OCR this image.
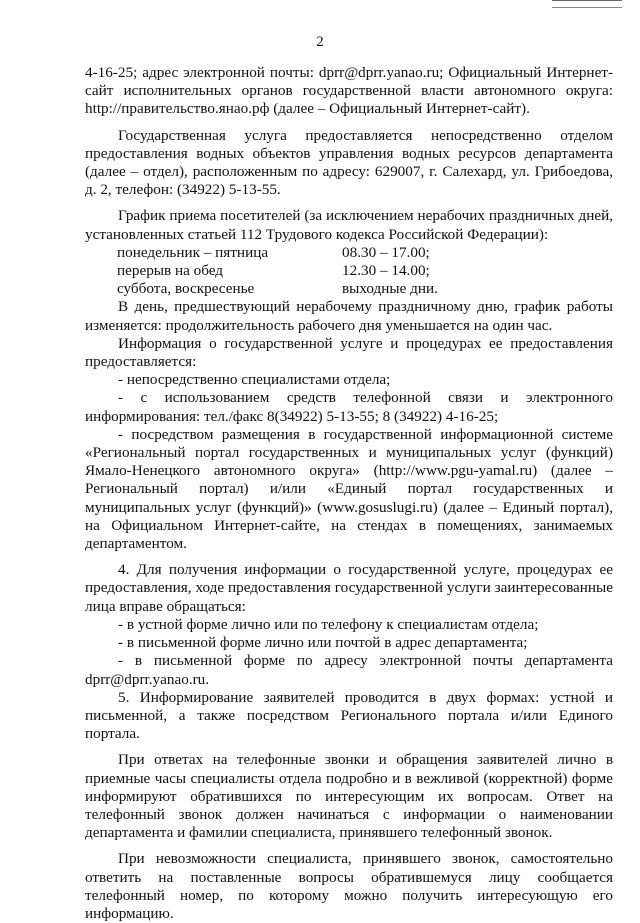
2

4-16-25; адрес электронной почты: dprr@dprr.yanao.ru; Официальный Интернет-сайт исполнительных органов государственной власти автономного округа: http://правительство.янао.рф (далее – Официальный Интернет-сайт).

Государственная услуга предоставляется непосредственно отделом предоставления водных объектов управления водных ресурсов департамента (далее – отдел), расположенным по адресу: 629007, г. Салехард, ул. Грибоедова, д. 2, телефон: (34922) 5-13-55.

График приема посетителей (за исключением нерабочих праздничных дней, установленных статьей 112 Трудового кодекса Российской Федерации):

понедельник – пятница	08.30 – 17.00;
перерыв на обед	12.30 – 14.00;
суббота, воскресенье	выходные дни.

В день, предшествующий нерабочему праздничному дню, график работы изменяется: продолжительность рабочего дня уменьшается на один час.

Информация о государственной услуге и процедурах ее предоставления предоставляется:

- непосредственно специалистами отдела;

- с использованием средств телефонной связи и электронного информирования: тел./факс 8(34922) 5-13-55; 8 (34922) 4-16-25;

- посредством размещения в государственной информационной системе «Региональный портал государственных и муниципальных услуг (функций) Ямало-Ненецкого автономного округа» (http://www.pgu-yamal.ru) (далее – Региональный портал) и/или «Единый портал государственных и муниципальных услуг (функций)» (www.gosuslugi.ru) (далее – Единый портал), на Официальном Интернет-сайте, на стендах в помещениях, занимаемых департаментом.

4. Для получения информации о государственной услуге, процедурах ее предоставления, ходе предоставления государственной услуги заинтересованные лица вправе обращаться:

- в устной форме лично или по телефону к специалистам отдела;

- в письменной форме лично или почтой в адрес департамента;

- в письменной форме по адресу электронной почты департамента dprr@dprr.yanao.ru.

5. Информирование заявителей проводится в двух формах: устной и письменной, а также посредством Регионального портала и/или Единого портала.

При ответах на телефонные звонки и обращения заявителей лично в приемные часы специалисты отдела подробно и в вежливой (корректной) форме информируют обратившихся по интересующим их вопросам. Ответ на телефонный звонок должен начинаться с информации о наименовании департамента и фамилии специалиста, принявшего телефонный звонок.

При невозможности специалиста, принявшего звонок, самостоятельно ответить на поставленные вопросы обратившемуся лицу сообщается телефонный номер, по которому можно получить интересующую его информацию.
